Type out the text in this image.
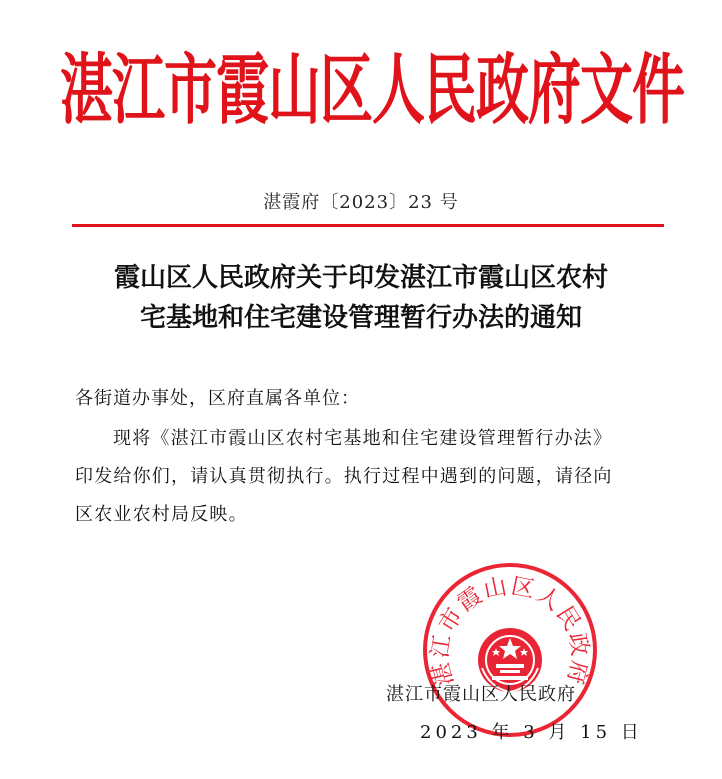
湛江市霞山区人民政府文件
湛霞府〔2023〕23 号
霞山区人民政府关于印发湛江市霞山区农村
宅基地和住宅建设管理暂行办法的通知
各街道办事处，区府直属各单位：
现将《湛江市霞山区农村宅基地和住宅建设管理暂行办法》
印发给你们，请认真贯彻执行。执行过程中遇到的问题，请径向
区农业农村局反映。
湛江市霞山区人民政府
湛江市霞山区人民政府
2023 年 3 月 15 日
